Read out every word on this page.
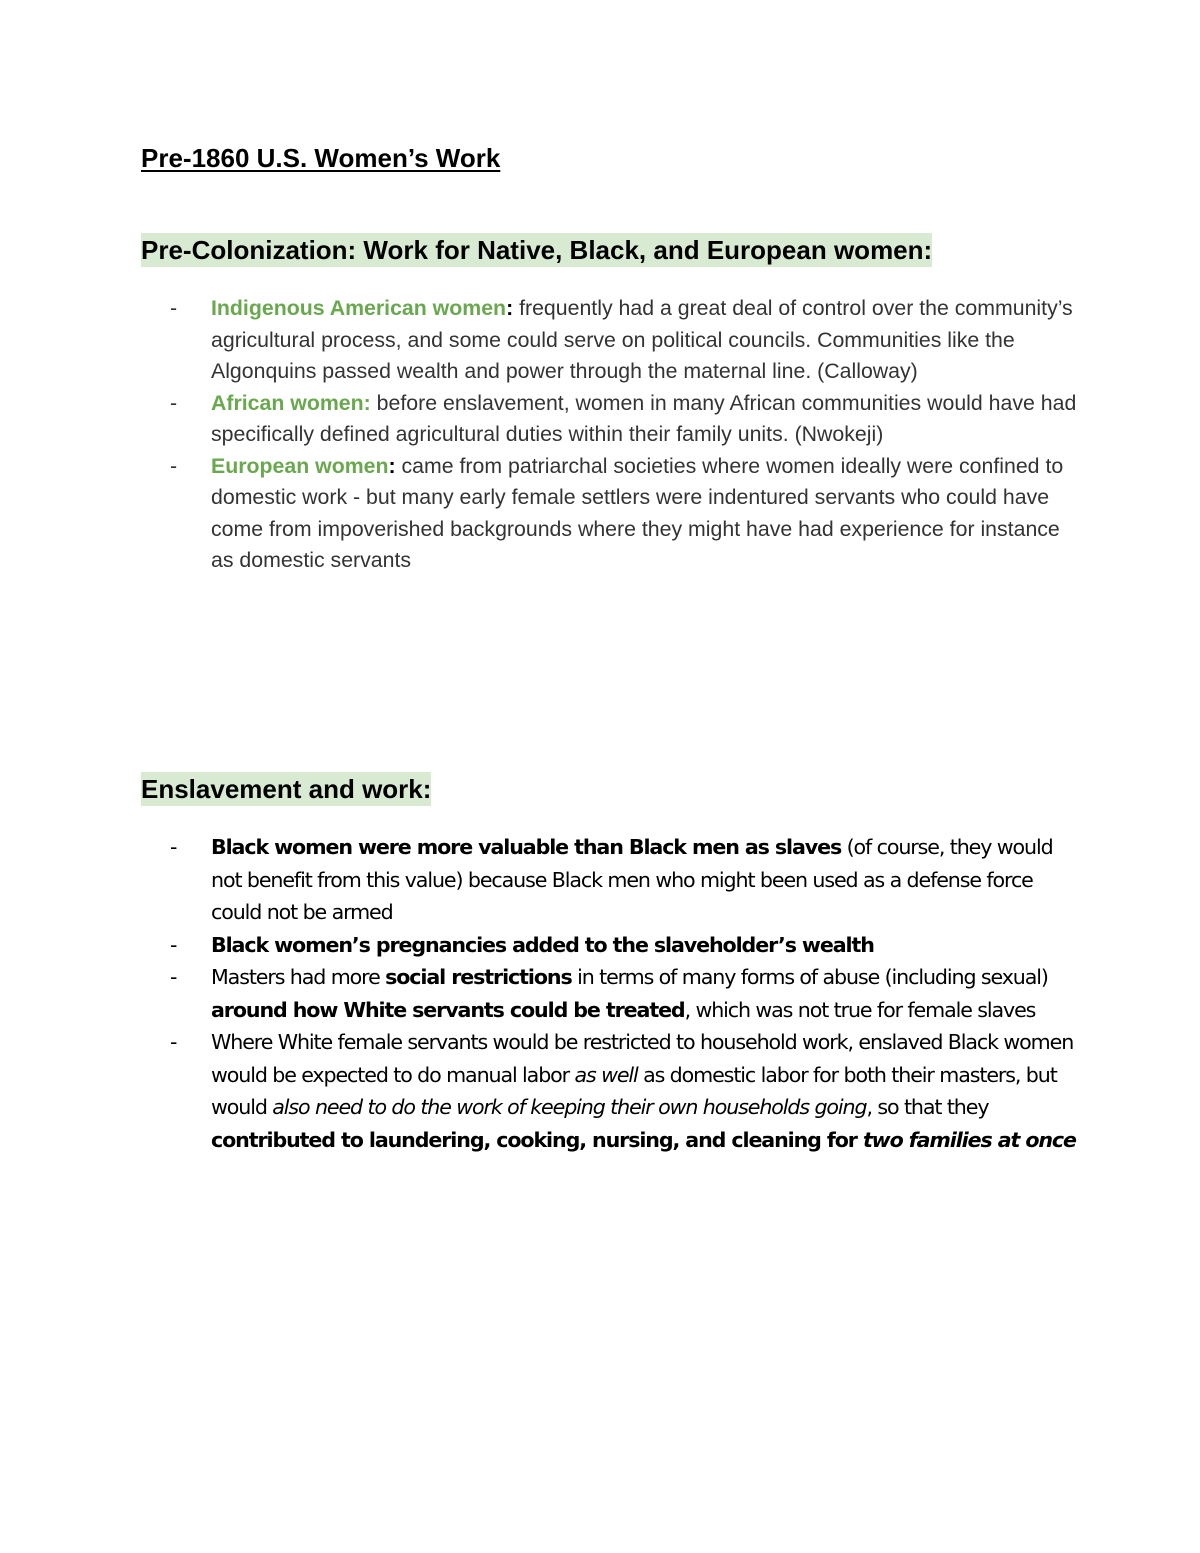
Pre-1860 U.S. Women’s Work
Pre-Colonization: Work for Native, Black, and European women:
- Indigenous American women: frequently had a great deal of control over the community’s agricultural process, and some could serve on political councils. Communities like the Algonquins passed wealth and power through the maternal line. (Calloway)
- African women: before enslavement, women in many African communities would have had specifically defined agricultural duties within their family units. (Nwokeji)
- European women: came from patriarchal societies where women ideally were confined to domestic work - but many early female settlers were indentured servants who could have come from impoverished backgrounds where they might have had experience for instance as domestic servants
Enslavement and work:
- Black women were more valuable than Black men as slaves (of course, they would not benefit from this value) because Black men who might been used as a defense force could not be armed
- Black women’s pregnancies added to the slaveholder’s wealth
- Masters had more social restrictions in terms of many forms of abuse (including sexual) around how White servants could be treated, which was not true for female slaves
- Where White female servants would be restricted to household work, enslaved Black women would be expected to do manual labor as well as domestic labor for both their masters, but would also need to do the work of keeping their own households going, so that they contributed to laundering, cooking, nursing, and cleaning for two families at once
